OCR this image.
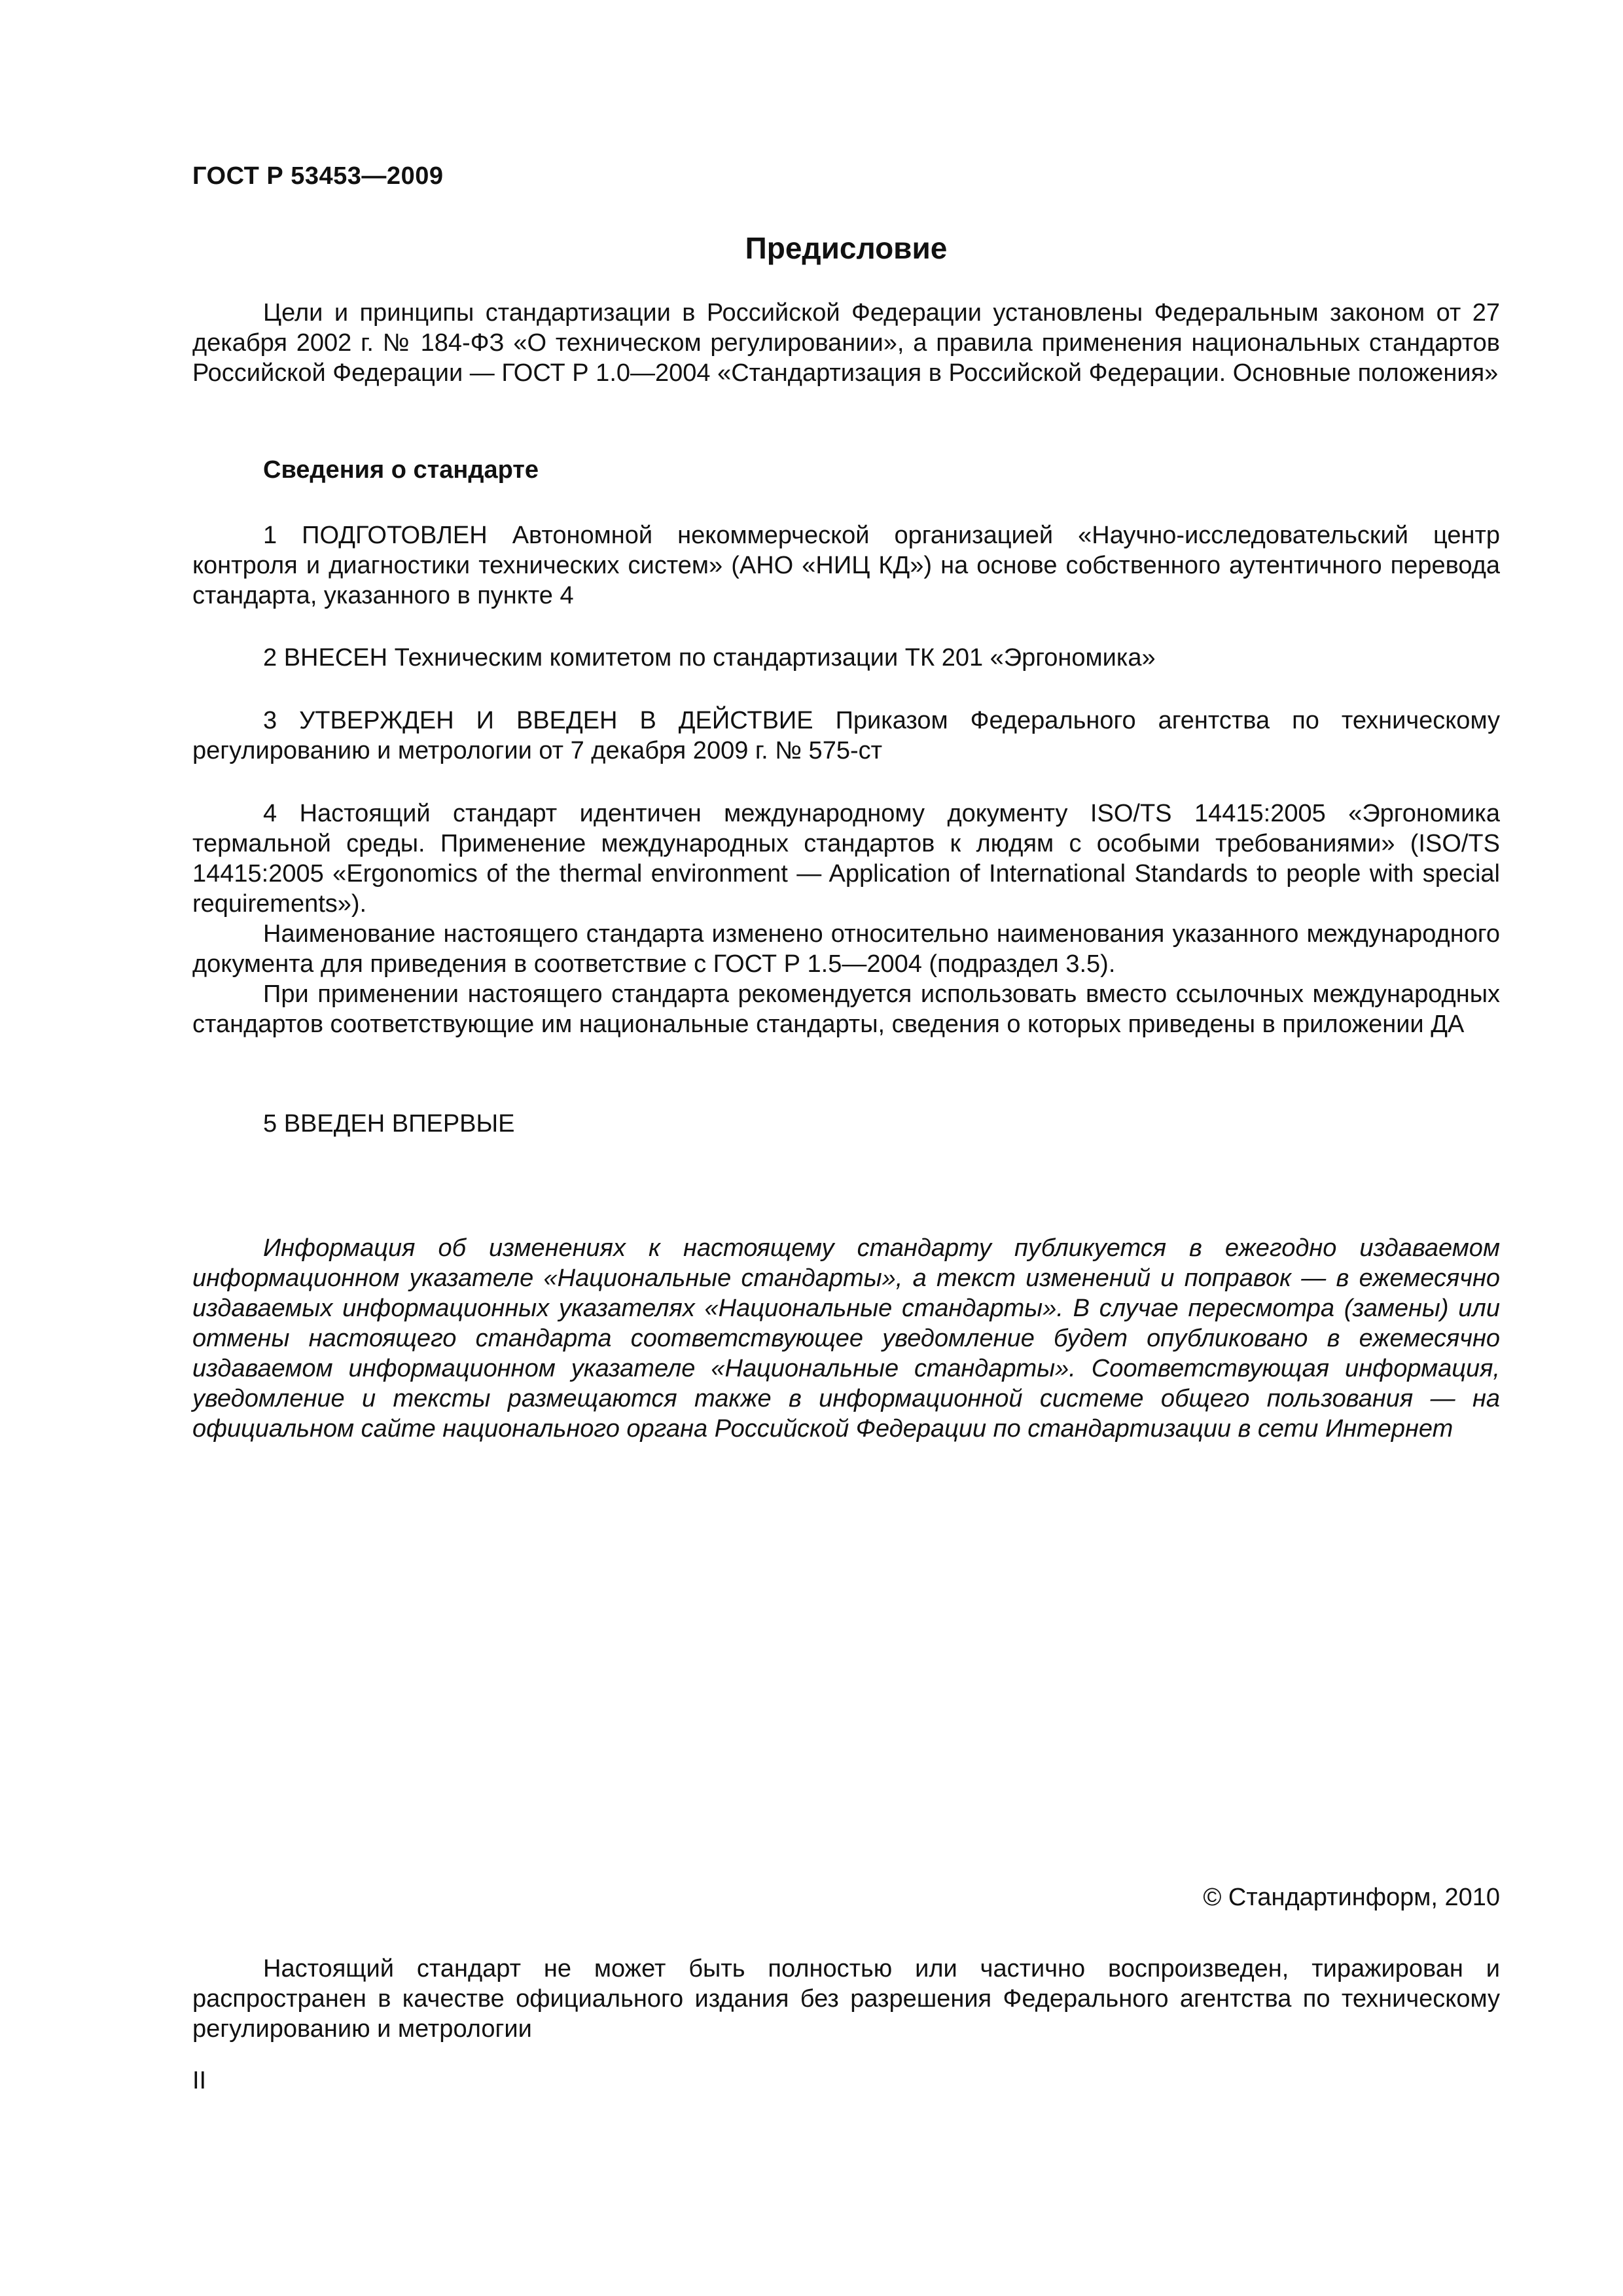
ГОСТ Р 53453—2009
Предисловие

Цели и принципы стандартизации в Российской Федерации установлены Федеральным законом от 27 декабря 2002 г. № 184-ФЗ «О техническом регулировании», а правила применения национальных стандартов Российской Федерации — ГОСТ Р 1.0—2004 «Стандартизация в Российской Федерации. Основные положения»

Сведения о стандарте

1 ПОДГОТОВЛЕН Автономной некоммерческой организацией «Научно-исследовательский центр контроля и диагностики технических систем» (АНО «НИЦ КД») на основе собственного аутентичного перевода стандарта, указанного в пункте 4

2 ВНЕСЕН Техническим комитетом по стандартизации ТК 201 «Эргономика»

3 УТВЕРЖДЕН И ВВЕДЕН В ДЕЙСТВИЕ Приказом Федерального агентства по техническому регулированию и метрологии от 7 декабря 2009 г. № 575-ст

4 Настоящий стандарт идентичен международному документу ISO/TS 14415:2005 «Эргономика термальной среды. Применение международных стандартов к людям с особыми требованиями» (ISO/TS 14415:2005 «Ergonomics of the thermal environment — Application of International Standards to people with special requirements»).

Наименование настоящего стандарта изменено относительно наименования указанного международного документа для приведения в соответствие с ГОСТ Р 1.5—2004 (подраздел 3.5).

При применении настоящего стандарта рекомендуется использовать вместо ссылочных международных стандартов соответствующие им национальные стандарты, сведения о которых приведены в приложении ДА

5 ВВЕДЕН ВПЕРВЫЕ

Информация об изменениях к настоящему стандарту публикуется в ежегодно издаваемом информационном указателе «Национальные стандарты», а текст изменений и поправок — в ежемесячно издаваемых информационных указателях «Национальные стандарты». В случае пересмотра (замены) или отмены настоящего стандарта соответствующее уведомление будет опубликовано в ежемесячно издаваемом информационном указателе «Национальные стандарты». Соответствующая информация, уведомление и тексты размещаются также в информационной системе общего пользования — на официальном сайте национального органа Российской Федерации по стандартизации в сети Интернет

© Стандартинформ, 2010

Настоящий стандарт не может быть полностью или частично воспроизведен, тиражирован и распространен в качестве официального издания без разрешения Федерального агентства по техническому регулированию и метрологии

II
